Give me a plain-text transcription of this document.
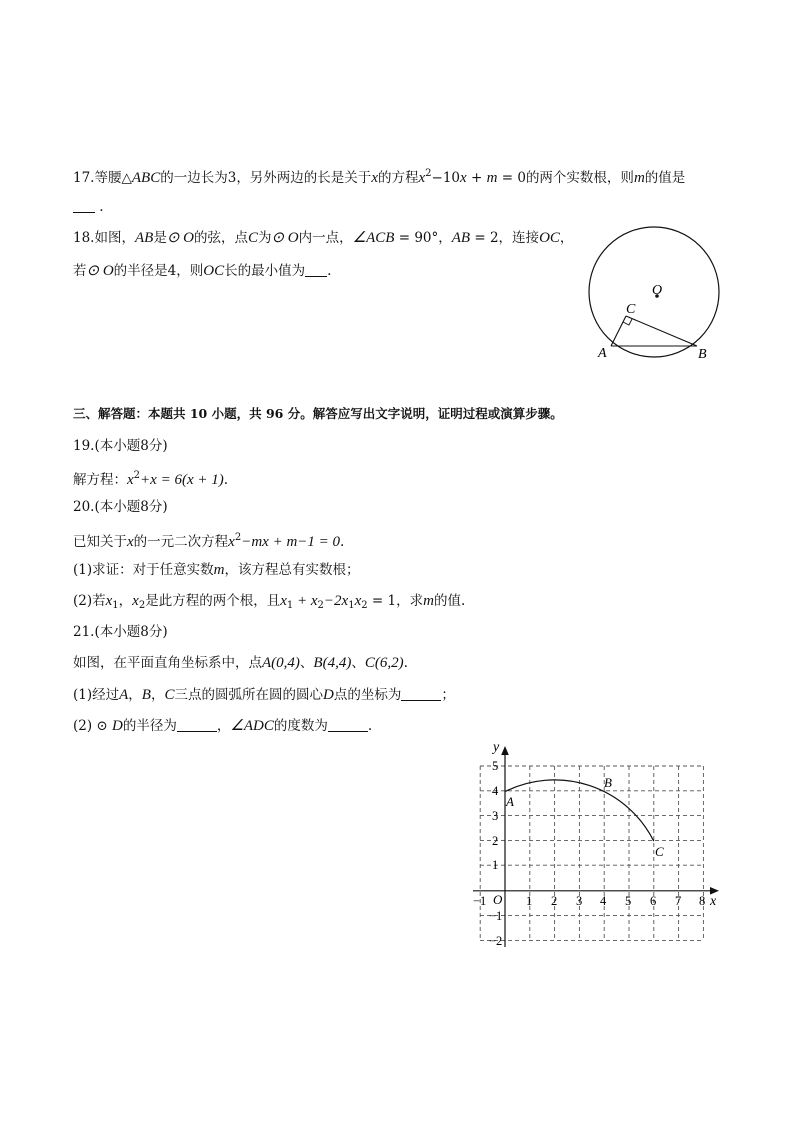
17.等腰△ABC的一边长为3，另外两边的长是关于x的方程$x^2-10x + m = 0$的两个实数根，则m的值是
.
18.如图，AB是⊙ O的弦，点C为⊙ O内一点，∠ACB = 90°，AB = 2，连接OC，
若⊙ O的半径是4，则OC长的最小值为 .
O
C
A	B
三、解答题：本题共 10 小题，共 96 分。解答应写出文字说明，证明过程或演算步骤。
19.(本小题8分)
解方程：$x^2+x = 6(x + 1)$.
20.(本小题8分)
已知关于x的一元二次方程$x^2-mx + m-1 = 0$.
(1)求证：对于任意实数m，该方程总有实数根；
(2)若$x_1$，$x_2$是此方程的两个根，且$x_1 + x_2-2x_1x_2 = 1$，求m的值.
21.(本小题8分)
如图，在平面直角坐标系中，点A(0,4)、B(4,4)、C(6,2).
(1)经过A，B，C三点的圆弧所在圆的圆心D点的坐标为	；
(2) ⊙ D的半径为	，∠ADC的度数为	.
x
y
O
−1	1 2 3 4 5 6 7 8
5
4
3
2
1
−1
−2
A
B
C
